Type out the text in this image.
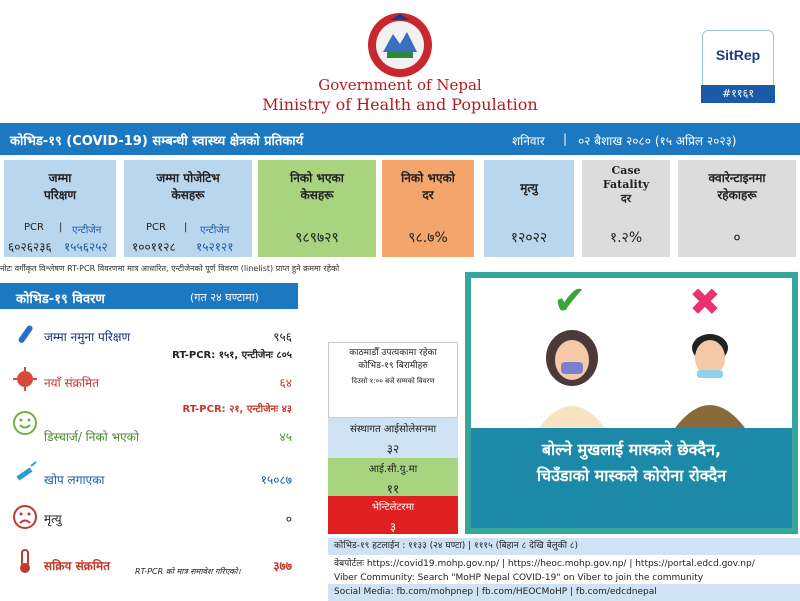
Government of Nepal
Ministry of Health and Population
SitRep
#११६१
कोभिड-१९ (COVID-19) सम्बन्धी स्वास्थ्य क्षेत्रको प्रतिकार्य	शनिवार | ०२ बैशाख २०८० (१५ अप्रिल २०२३)
जम्मा
परिक्षण
PCR | एन्टीजेन
६०२६२३६ १५५६२५२
जम्मा पोजेटिभ
केसहरू
PCR | एन्टीजेन
१००११२८ १५२१२१
निको भएका
केसहरू
९८९७२९
निको भएको
दर
९८.७%
मृत्यु
१२०२२
Case
Fatality
दर
१.२%
क्वारेन्टाइनमा
रहेकाहरू
०
नोटः वर्गीकृत विश्लेषण RT-PCR विवरणमा मात्र आधारित, एन्टीजेनको पूर्ण विवरण (linelist) प्राप्त हुने क्रममा रहेको
कोभिड-१९ विवरण	(गत २४ घण्टामा)
जम्मा नमुना परिक्षण	९५६
RT-PCR: १५१, एन्टीजेनः ८०५
नयाँ संक्रमित	६४
RT-PCR: २१, एन्टीजेनः ४३
डिस्चार्ज/ निको भएको	४५
खोप लगाएका	१५०८७
मृत्यु	०
सक्रिय संक्रमित	RT-PCR को मात्र समावेश गरिएको।	३७७
काठमाडौँ उपत्यकामा रहेका कोभिड-१९ बिरामीहरु
दिउसो १:०० बजे सम्मको विवरण
संस्थागत आईसोलेसनमा
३२
आई.सी.यु.मा
११
भेन्टिलेटरमा
३
✔	✖
बोल्ने मुखलाई मास्कले छेक्दैन,
चिउँडाको मास्कले कोरोना रोक्दैन
कोभिड-१९ हटलाईन : ११३३ (२४ घण्टा) | १११५ (बिहान ८ देखि बेलुकी ८)
वेबपोर्टलः https://covid19.mohp.gov.np/ | https://heoc.mohp.gov.np/ | https://portal.edcd.gov.np/
Viber Community: Search "MoHP Nepal COVID-19" on Viber to join the community
Social Media: fb.com/mohpnep | fb.com/HEOCMoHP | fb.com/edcdnepal
